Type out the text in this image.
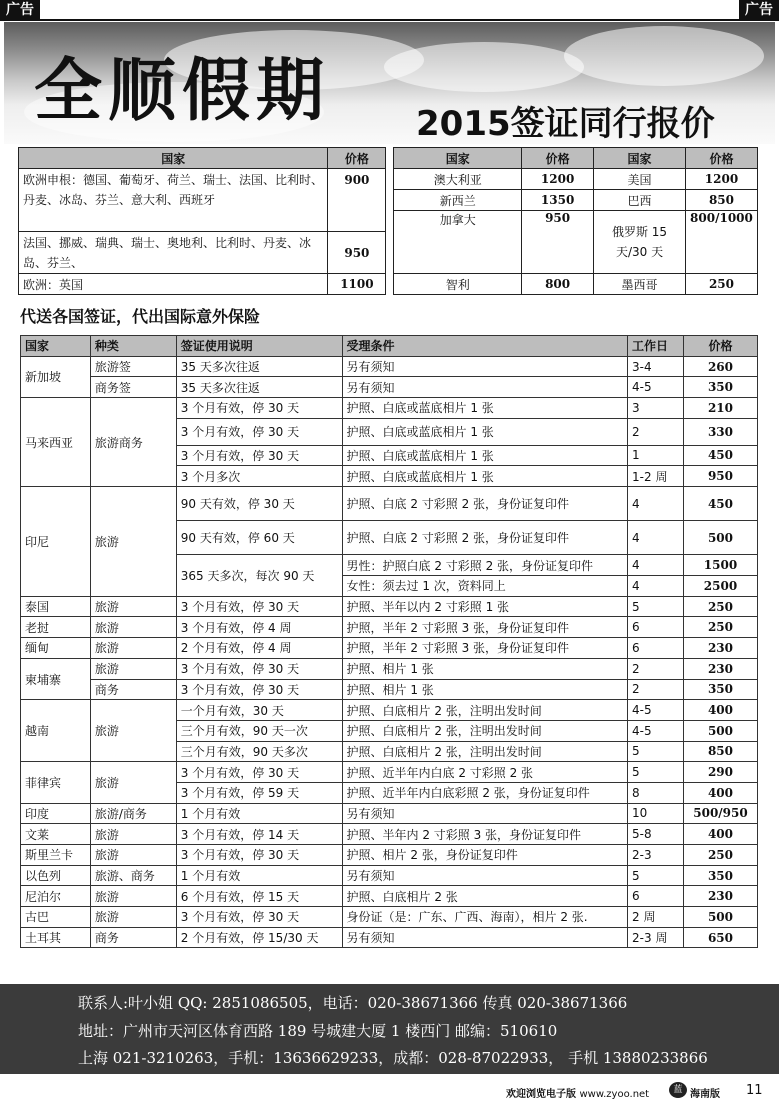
广告	广告
全顺假期	2015签证同行报价
国家	价格		国家	价格	国家	价格
欧洲申根：德国、葡萄牙、荷兰、瑞士、法国、比利时、丹麦、冰岛、芬兰、意大利、西班牙	900		澳大利亚	1200	美国	1200
			新西兰	1350	巴西	850
			加拿大	950	俄罗斯 15 天/30 天	800/1000
法国、挪威、瑞典、瑞士、奥地利、比利时、丹麦、冰岛、芬兰、	950					
欧洲：英国	1100		智利	800	墨西哥	250
代送各国签证，代出国际意外保险
国家	种类	签证使用说明	受理条件	工作日	价格
新加坡	旅游签	35 天多次往返	另有须知	3-4	260
	商务签	35 天多次往返	另有须知	4-5	350
马来西亚	旅游商务	3 个月有效，停 30 天	护照、白底或蓝底相片 1 张	3	210
		3 个月有效，停 30 天	护照、白底或蓝底相片 1 张	2	330
		3 个月有效，停 30 天	护照、白底或蓝底相片 1 张	1	450
		3 个月多次	护照、白底或蓝底相片 1 张	1-2 周	950
印尼	旅游	90 天有效，停 30 天	护照、白底 2 寸彩照 2 张，身份证复印件	4	450
		90 天有效，停 60 天	护照、白底 2 寸彩照 2 张，身份证复印件	4	500
		365 天多次，每次 90 天	男性：护照白底 2 寸彩照 2 张，身份证复印件	4	1500
			女性：须去过 1 次，资料同上	4	2500
泰国	旅游	3 个月有效，停 30 天	护照、半年以内 2 寸彩照 1 张	5	250
老挝	旅游	3 个月有效，停 4 周	护照，半年 2 寸彩照 3 张，身份证复印件	6	250
缅甸	旅游	2 个月有效，停 4 周	护照，半年 2 寸彩照 3 张，身份证复印件	6	230
柬埔寨	旅游	3 个月有效，停 30 天	护照、相片 1 张	2	230
	商务	3 个月有效，停 30 天	护照、相片 1 张	2	350
越南	旅游	一个月有效，30 天	护照、白底相片 2 张，注明出发时间	4-5	400
		三个月有效，90 天一次	护照、白底相片 2 张，注明出发时间	4-5	500
		三个月有效，90 天多次	护照、白底相片 2 张，注明出发时间	5	850
菲律宾	旅游	3 个月有效，停 30 天	护照、近半年内白底 2 寸彩照 2 张	5	290
		3 个月有效，停 59 天	护照、近半年内白底彩照 2 张，身份证复印件	8	400
印度	旅游/商务	1 个月有效	另有须知	10	500/950
文莱	旅游	3 个月有效，停 14 天	护照、半年内 2 寸彩照 3 张，身份证复印件	5-8	400
斯里兰卡	旅游	3 个月有效，停 30 天	护照、相片 2 张，身份证复印件	2-3	250
以色列	旅游、商务	1 个月有效	另有须知	5	350
尼泊尔	旅游	6 个月有效，停 15 天	护照、白底相片 2 张	6	230
古巴	旅游	3 个月有效，停 30 天	身份证（是：广东、广西、海南），相片 2 张.	2 周	500
土耳其	商务	2 个月有效，停 15/30 天	另有须知	2-3 周	650
联系人:叶小姐 QQ: 2851086505，电话：020-38671366 传真 020-38671366
地址：广州市天河区体育西路 189 号城建大厦 1 楼西门 邮编：510610
上海 021-3210263，手机：13636629233，成都：028-87022933， 手机 13880233866
欢迎浏览电子版 www.zyoo.net	蓝 海南版 11
